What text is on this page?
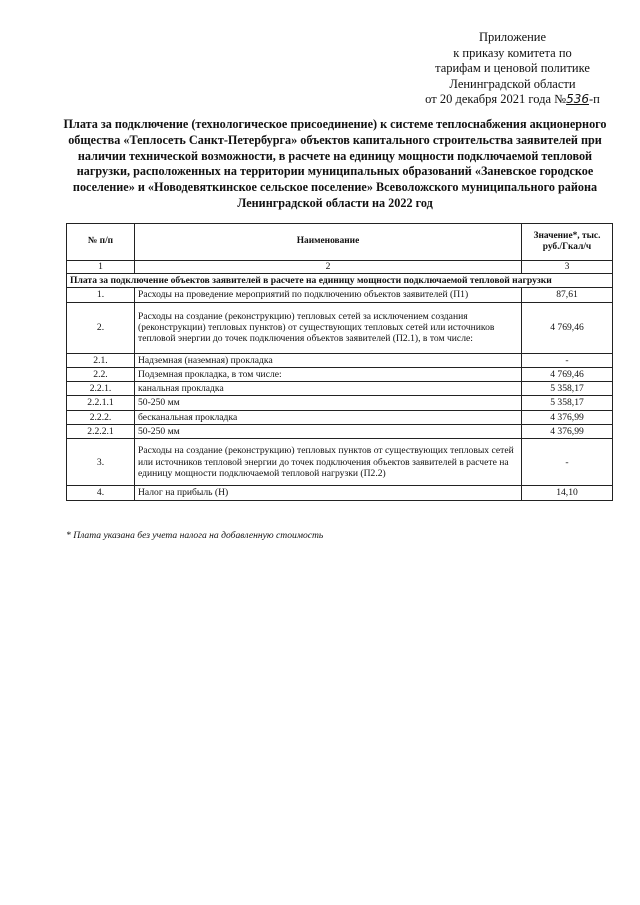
Приложение
к приказу комитета по
тарифам и ценовой политике
Ленинградской области
от 20 декабря 2021 года №536-п
Плата за подключение (технологическое присоединение) к системе теплоснабжения акционерного общества «Теплосеть Санкт-Петербурга» объектов капитального строительства заявителей при наличии технической возможности, в расчете на единицу мощности подключаемой тепловой нагрузки, расположенных на территории муниципальных образований «Заневское городское поселение» и «Новодевяткинское сельское поселение» Всеволожского муниципального района Ленинградской области на 2022 год
№ п/п	Наименование	Значение*, тыс. руб./Гкал/ч
1	2	3
Плата за подключение объектов заявителей в расчете на единицу мощности подключаемой тепловой нагрузки		
1.	Расходы на проведение мероприятий по подключению объектов заявителей (П1)	87,61
2.	Расходы на создание (реконструкцию) тепловых сетей за исключением создания (реконструкции) тепловых пунктов) от существующих тепловых сетей или источников тепловой энергии до точек подключения объектов заявителей (П2.1), в том числе:	4 769,46
2.1.	Надземная (наземная) прокладка	-
2.2.	Подземная прокладка, в том числе:	4 769,46
2.2.1.	канальная прокладка	5 358,17
2.2.1.1	50-250 мм	5 358,17
2.2.2.	бесканальная прокладка	4 376,99
2.2.2.1	50-250 мм	4 376,99
3.	Расходы на создание (реконструкцию) тепловых пунктов от существующих тепловых сетей или источников тепловой энергии до точек подключения объектов заявителей в расчете на единицу мощности подключаемой тепловой нагрузки (П2.2)	-
4.	Налог на прибыль (Н)	14,10
* Плата указана без учета налога на добавленную стоимость
